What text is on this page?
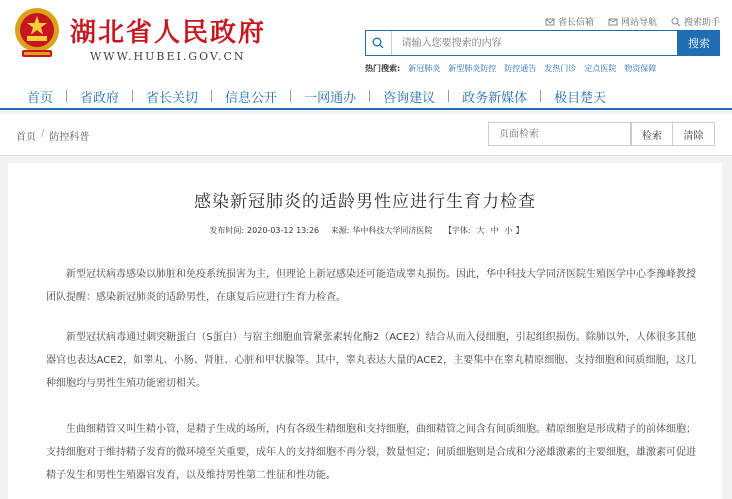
湖北省人民政府
WWW.HUBEI.GOV.CN
省长信箱	网站导航	搜索助手
请输入您要搜索的内容
搜索
热门搜索: 新冠肺炎 新型肺炎防控 防控通告 发热门诊 定点医院 物资保障
首页	省政府	省长关切	信息公开	一网通办	咨询建议	政务新媒体	极目楚天
首页 / 防控科普
页面检索	检索	清除
感染新冠肺炎的适龄男性应进行生育力检查
发布时间: 2020-03-12 13:26 来源: 华中科技大学同济医院 【字体: 大 中 小 】

新型冠状病毒感染以肺脏和免疫系统损害为主，但理论上新冠感染还可能造成睾丸损伤。因此，华中科技大学同济医院生殖医学中心李豫峰教授团队提醒：感染新冠肺炎的适龄男性，在康复后应进行生育力检查。

新型冠状病毒通过刺突糖蛋白（S蛋白）与宿主细胞血管紧张素转化酶2（ACE2）结合从而入侵细胞，引起组织损伤。除肺以外，人体很多其他器官也表达ACE2，如睾丸、小肠、肾脏、心脏和甲状腺等。其中，睾丸表达大量的ACE2，主要集中在睾丸精原细胞、支持细胞和间质细胞，这几种细胞均与男性生殖功能密切相关。

生曲细精管又叫生精小管，是精子生成的场所，内有各级生精细胞和支持细胞，曲细精管之间含有间质细胞。精原细胞是形成精子的前体细胞；支持细胞对于维持精子发育的微环境至关重要，成年人的支持细胞不再分裂，数量恒定；间质细胞则是合成和分泌雄激素的主要细胞，雄激素可促进精子发生和男性生殖器官发育，以及维持男性第二性征和性功能。
